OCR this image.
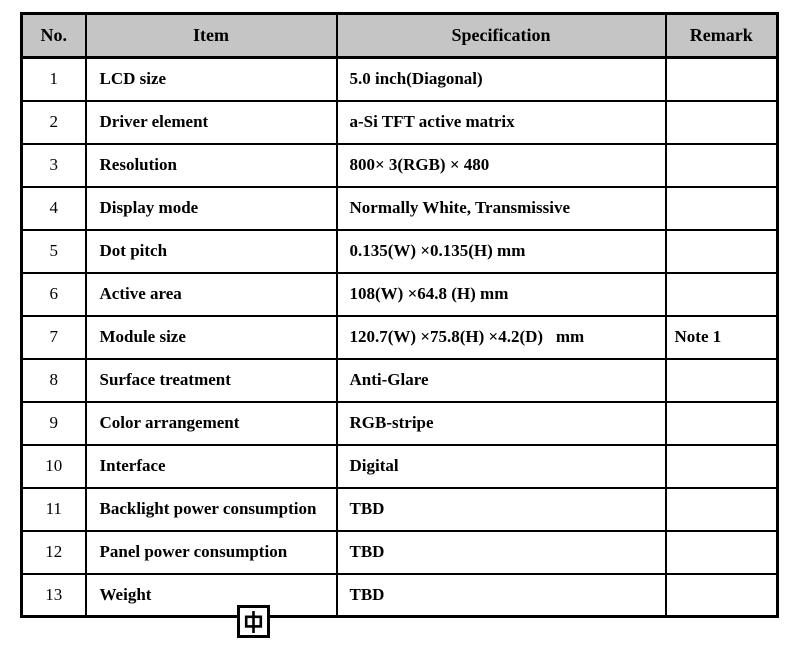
No.	Item	Specification	Remark
1	LCD size	5.0 inch(Diagonal)	
2	Driver element	a-Si TFT active matrix	
3	Resolution	800× 3(RGB) × 480	
4	Display mode	Normally White, Transmissive	
5	Dot pitch	0.135(W) ×0.135(H) mm	
6	Active area	108(W) ×64.8 (H) mm	
7	Module size	120.7(W) ×75.8(H) ×4.2(D)   mm	Note 1
8	Surface treatment	Anti-Glare	
9	Color arrangement	RGB-stripe	
10	Interface	Digital	
11	Backlight power consumption	TBD	
12	Panel power consumption	TBD	
13	Weight	TBD	
